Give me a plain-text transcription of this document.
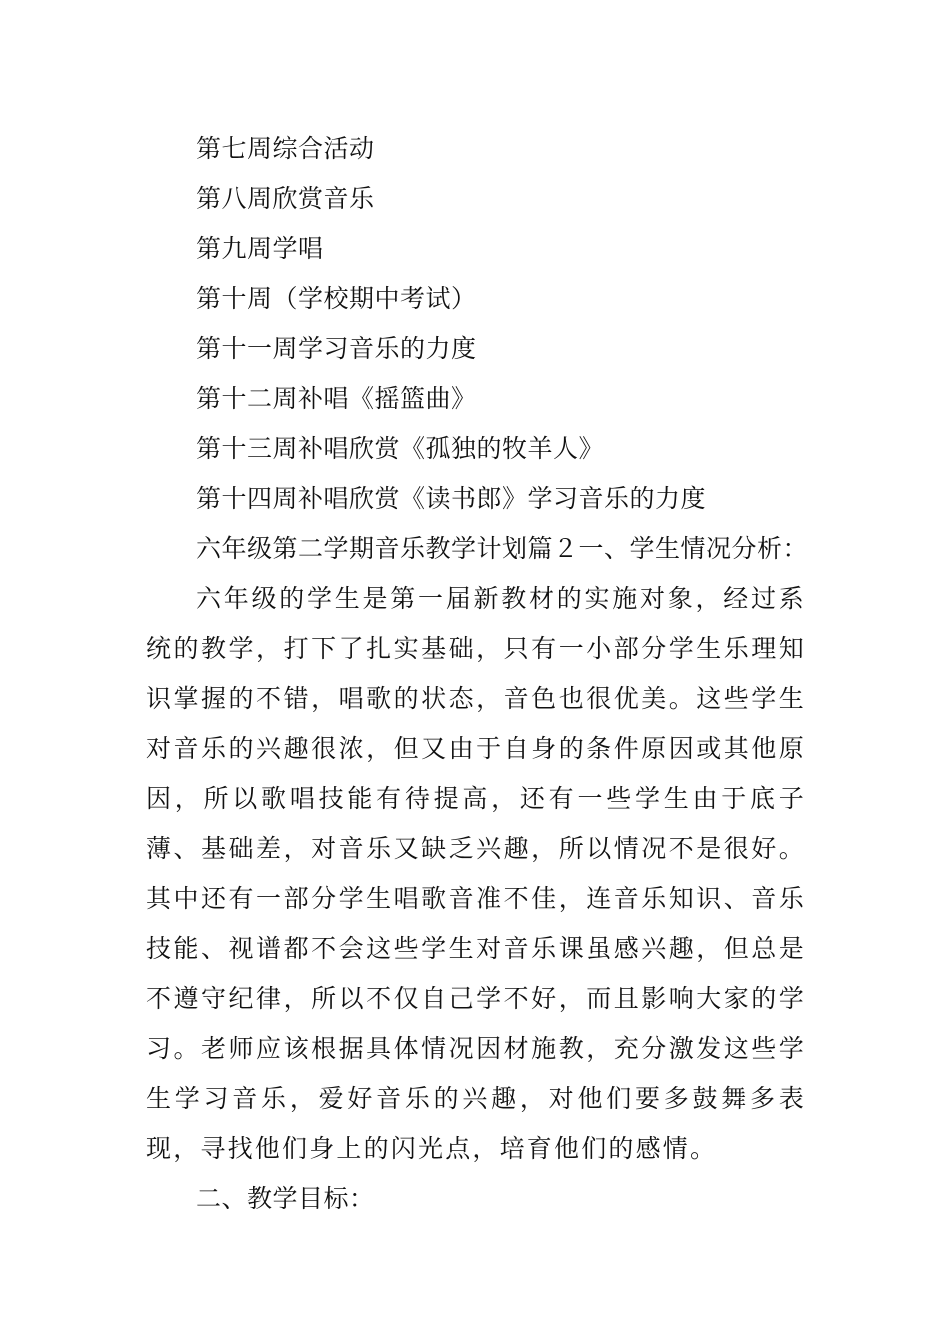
第七周综合活动
第八周欣赏音乐
第九周学唱
第十周（学校期中考试）
第十一周学习音乐的力度
第十二周补唱《摇篮曲》
第十三周补唱欣赏《孤独的牧羊人》
第十四周补唱欣赏《读书郎》学习音乐的力度
六年级第二学期音乐教学计划篇２一、学生情况分析：
六年级的学生是第一届新教材的实施对象，经过系统的教学，打下了扎实基础，只有一小部分学生乐理知识掌握的不错，唱歌的状态，音色也很优美。这些学生对音乐的兴趣很浓，但又由于自身的条件原因或其他原因，所以歌唱技能有待提高，还有一些学生由于底子薄、基础差，对音乐又缺乏兴趣，所以情况不是很好。其中还有一部分学生唱歌音准不佳，连音乐知识、音乐技能、视谱都不会这些学生对音乐课虽感兴趣，但总是不遵守纪律，所以不仅自己学不好，而且影响大家的学习。老师应该根据具体情况因材施教，充分激发这些学生学习音乐，爱好音乐的兴趣，对他们要多鼓舞多表现，寻找他们身上的闪光点，培育他们的感情。
二、教学目标：
